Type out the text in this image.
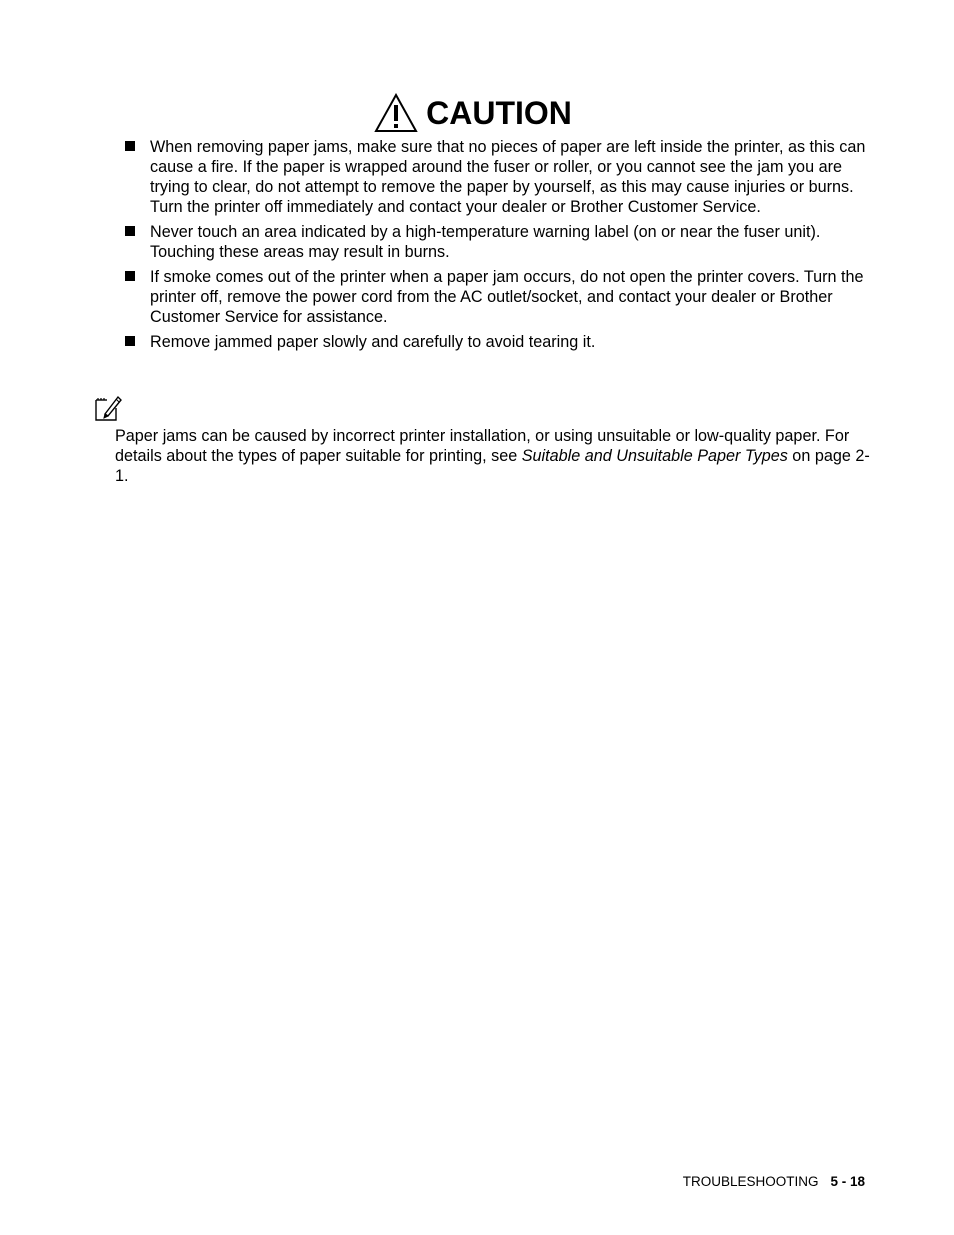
CAUTION
When removing paper jams, make sure that no pieces of paper are left inside the printer, as this can cause a fire. If the paper is wrapped around the fuser or roller, or you cannot see the jam you are trying to clear, do not attempt to remove the paper by yourself, as this may cause injuries or burns. Turn the printer off immediately and contact your dealer or Brother Customer Service.
Never touch an area indicated by a high-temperature warning label (on or near the fuser unit). Touching these areas may result in burns.
If smoke comes out of the printer when a paper jam occurs, do not open the printer covers. Turn the printer off, remove the power cord from the AC outlet/socket, and contact your dealer or Brother Customer Service for assistance.
Remove jammed paper slowly and carefully to avoid tearing it.

Paper jams can be caused by incorrect printer installation, or using unsuitable or low-quality paper. For details about the types of paper suitable for printing, see Suitable and Unsuitable Paper Types on page 2-1.

TROUBLESHOOTING 5 - 18
